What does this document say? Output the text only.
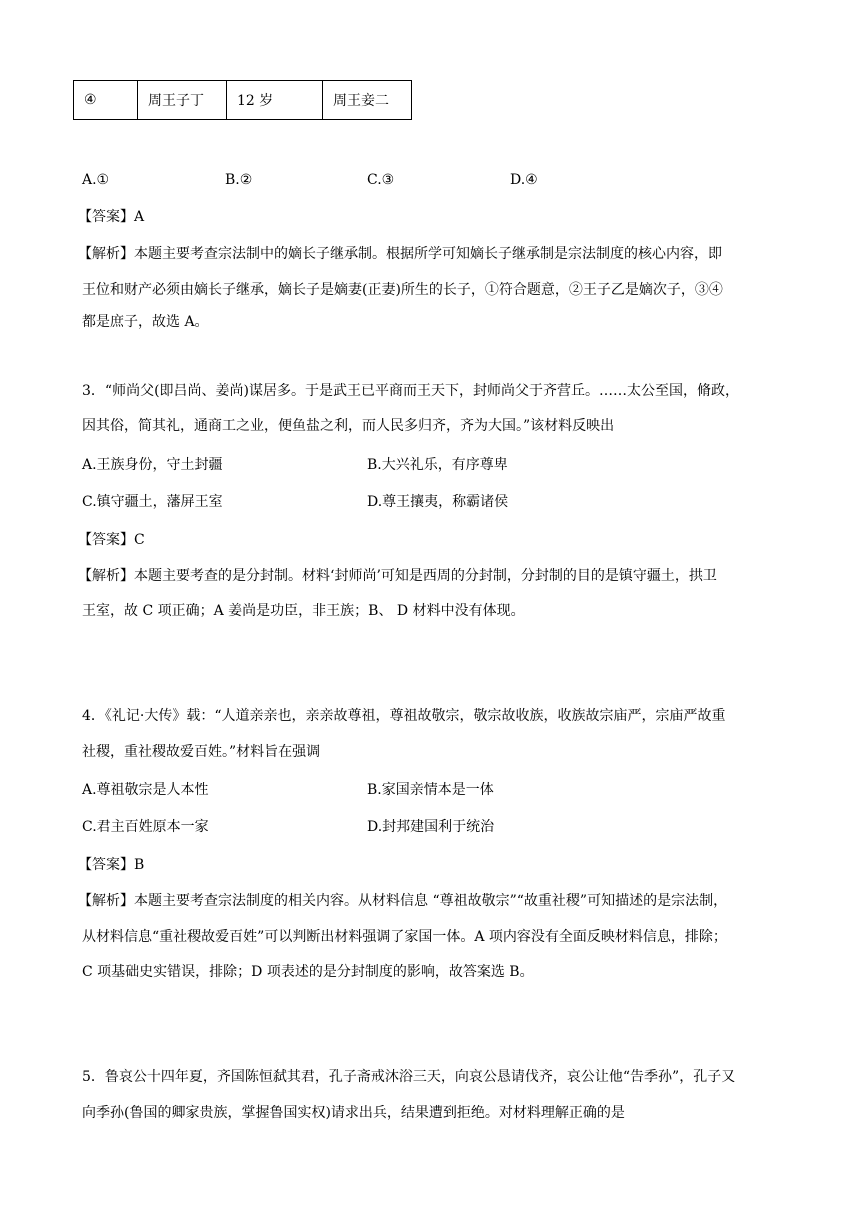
④	周王子丁	12 岁	周王妾二
A.①	B.②	C.③	D.④
【答案】A
【解析】本题主要考查宗法制中的嫡长子继承制。根据所学可知嫡长子继承制是宗法制度的核心内容，即
王位和财产必须由嫡长子继承，嫡长子是嫡妻(正妻)所生的长子，①符合题意，②王子乙是嫡次子，③④
都是庶子，故选 A。
3．“师尚父(即吕尚、姜尚)谋居多。于是武王已平商而王天下，封师尚父于齐营丘。……太公至国，脩政，
因其俗，简其礼，通商工之业，便鱼盐之利，而人民多归齐，齐为大国。”该材料反映出
A.王族身份，守土封疆	B.大兴礼乐，有序尊卑
C.镇守疆土，藩屏王室	D.尊王攘夷，称霸诸侯
【答案】C
【解析】本题主要考查的是分封制。材料‘封师尚’可知是西周的分封制，分封制的目的是镇守疆土，拱卫
王室，故 C 项正确；A 姜尚是功臣，非王族；B、 D 材料中没有体现。
4．《礼记·大传》载：“人道亲亲也，亲亲故尊祖，尊祖故敬宗，敬宗故收族，收族故宗庙严，宗庙严故重
社稷，重社稷故爱百姓。”材料旨在强调
A.尊祖敬宗是人本性	B.家国亲情本是一体
C.君主百姓原本一家	D.封邦建国利于统治
【答案】B
【解析】本题主要考查宗法制度的相关内容。从材料信息 “尊祖故敬宗”“故重社稷”可知描述的是宗法制，
从材料信息“重社稷故爱百姓”可以判断出材料强调了家国一体。A 项内容没有全面反映材料信息，排除；
C 项基础史实错误，排除；D 项表述的是分封制度的影响，故答案选 B。
5．鲁哀公十四年夏，齐国陈恒弑其君，孔子斋戒沐浴三天，向哀公恳请伐齐，哀公让他“告季孙”，孔子又
向季孙(鲁国的卿家贵族，掌握鲁国实权)请求出兵，结果遭到拒绝。对材料理解正确的是
